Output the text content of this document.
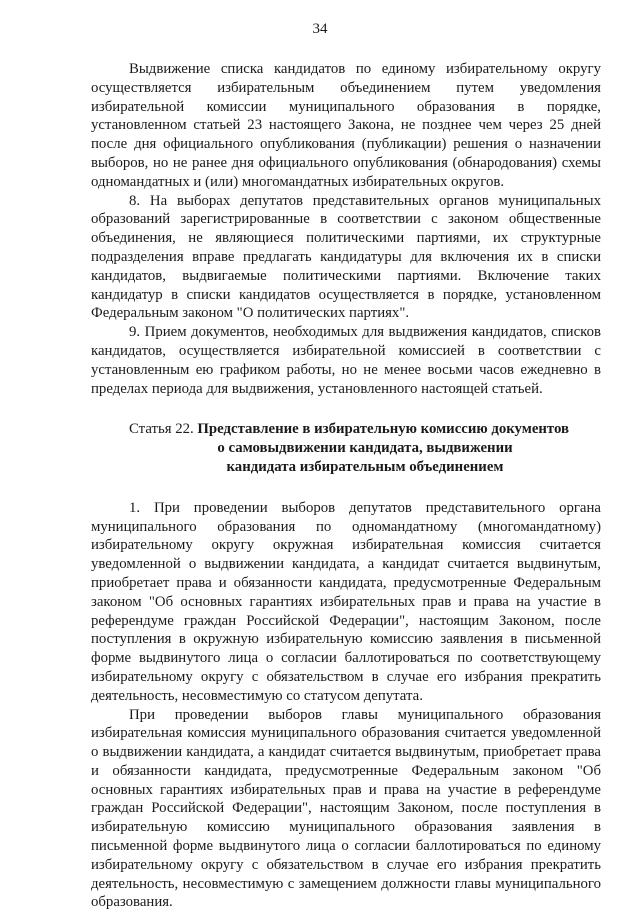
34

Выдвижение списка кандидатов по единому избирательному округу осуществляется избирательным объединением путем уведомления избирательной комиссии муниципального образования в порядке, установленном статьей 23 настоящего Закона, не позднее чем через 25 дней после дня официального опубликования (публикации) решения о назначении выборов, но не ранее дня официального опубликования (обнародования) схемы одномандатных и (или) многомандатных избирательных округов.

8. На выборах депутатов представительных органов муниципальных образований зарегистрированные в соответствии с законом общественные объединения, не являющиеся политическими партиями, их структурные подразделения вправе предлагать кандидатуры для включения их в списки кандидатов, выдвигаемые политическими партиями. Включение таких кандидатур в списки кандидатов осуществляется в порядке, установленном Федеральным законом "О политических партиях".

9. Прием документов, необходимых для выдвижения кандидатов, списков кандидатов, осуществляется избирательной комиссией в соответствии с установленным ею графиком работы, но не менее восьми часов ежедневно в пределах периода для выдвижения, установленного настоящей статьей.

Статья 22. Представление в избирательную комиссию документов
о самовыдвижении кандидата, выдвижении
кандидата избирательным объединением

1. При проведении выборов депутатов представительного органа муниципального образования по одномандатному (многомандатному) избирательному округу окружная избирательная комиссия считается уведомленной о выдвижении кандидата, а кандидат считается выдвинутым, приобретает права и обязанности кандидата, предусмотренные Федеральным законом "Об основных гарантиях избирательных прав и права на участие в референдуме граждан Российской Федерации", настоящим Законом, после поступления в окружную избирательную комиссию заявления в письменной форме выдвинутого лица о согласии баллотироваться по соответствующему избирательному округу с обязательством в случае его избрания прекратить деятельность, несовместимую со статусом депутата.

При проведении выборов главы муниципального образования избирательная комиссия муниципального образования считается уведомленной о выдвижении кандидата, а кандидат считается выдвинутым, приобретает права и обязанности кандидата, предусмотренные Федеральным законом "Об основных гарантиях избирательных прав и права на участие в референдуме граждан Российской Федерации", настоящим Законом, после поступления в избирательную комиссию муниципального образования заявления в письменной форме выдвинутого лица о согласии баллотироваться по единому избирательному округу с обязательством в случае его избрания прекратить деятельность, несовместимую с замещением должности главы муниципального образования.
